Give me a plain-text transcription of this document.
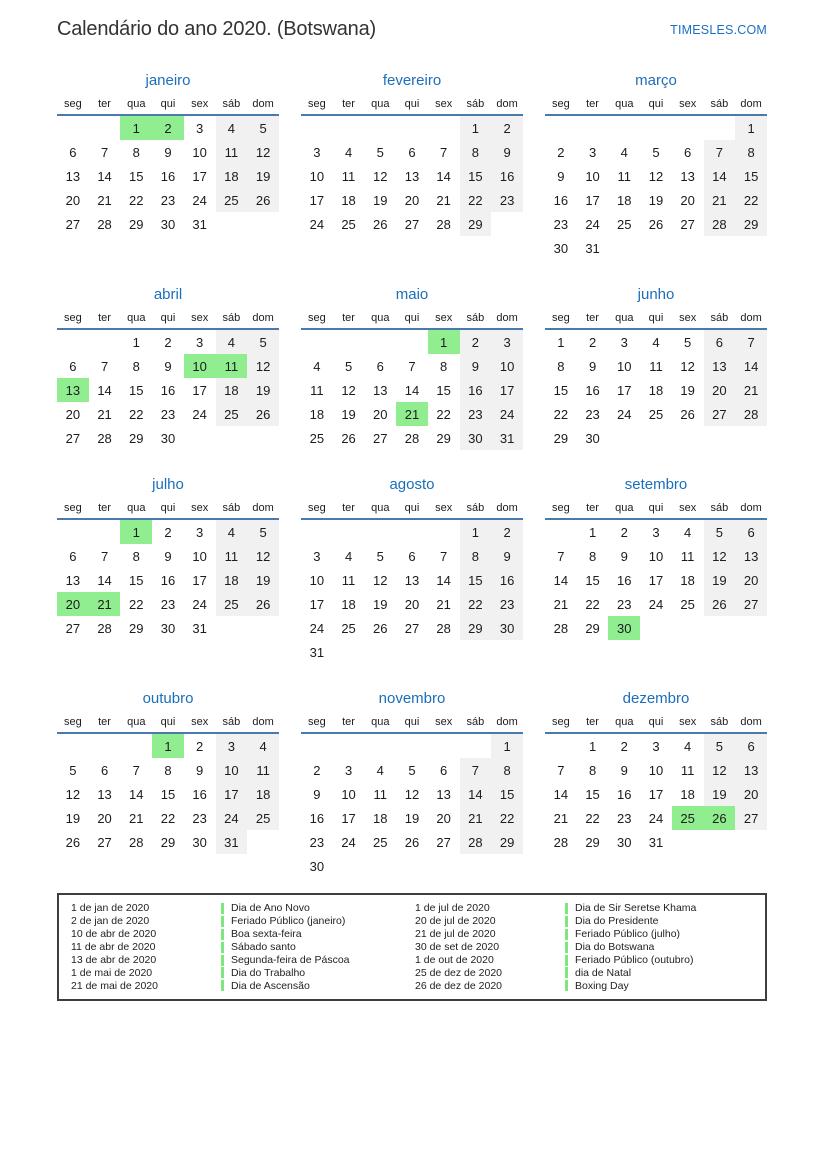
Calendário do ano 2020. (Botswana)	TIMESLES.COM
janeiro
seg	ter	qua	qui	sex	sáb	dom
		1	2	3	4	5
6	7	8	9	10	11	12
13	14	15	16	17	18	19
20	21	22	23	24	25	26
27	28	29	30	31		
fevereiro
seg	ter	qua	qui	sex	sáb	dom
					1	2
3	4	5	6	7	8	9
10	11	12	13	14	15	16
17	18	19	20	21	22	23
24	25	26	27	28	29	
março
seg	ter	qua	qui	sex	sáb	dom
						1
2	3	4	5	6	7	8
9	10	11	12	13	14	15
16	17	18	19	20	21	22
23	24	25	26	27	28	29
30	31					
abril
seg	ter	qua	qui	sex	sáb	dom
		1	2	3	4	5
6	7	8	9	10	11	12
13	14	15	16	17	18	19
20	21	22	23	24	25	26
27	28	29	30			
maio
seg	ter	qua	qui	sex	sáb	dom
				1	2	3
4	5	6	7	8	9	10
11	12	13	14	15	16	17
18	19	20	21	22	23	24
25	26	27	28	29	30	31
junho
seg	ter	qua	qui	sex	sáb	dom
1	2	3	4	5	6	7
8	9	10	11	12	13	14
15	16	17	18	19	20	21
22	23	24	25	26	27	28
29	30					
julho
seg	ter	qua	qui	sex	sáb	dom
		1	2	3	4	5
6	7	8	9	10	11	12
13	14	15	16	17	18	19
20	21	22	23	24	25	26
27	28	29	30	31		
agosto
seg	ter	qua	qui	sex	sáb	dom
					1	2
3	4	5	6	7	8	9
10	11	12	13	14	15	16
17	18	19	20	21	22	23
24	25	26	27	28	29	30
31						
setembro
seg	ter	qua	qui	sex	sáb	dom
	1	2	3	4	5	6
7	8	9	10	11	12	13
14	15	16	17	18	19	20
21	22	23	24	25	26	27
28	29	30				
outubro
seg	ter	qua	qui	sex	sáb	dom
			1	2	3	4
5	6	7	8	9	10	11
12	13	14	15	16	17	18
19	20	21	22	23	24	25
26	27	28	29	30	31	
novembro
seg	ter	qua	qui	sex	sáb	dom
						1
2	3	4	5	6	7	8
9	10	11	12	13	14	15
16	17	18	19	20	21	22
23	24	25	26	27	28	29
30						
dezembro
seg	ter	qua	qui	sex	sáb	dom
	1	2	3	4	5	6
7	8	9	10	11	12	13
14	15	16	17	18	19	20
21	22	23	24	25	26	27
28	29	30	31			
1 de jan de 2020	Dia de Ano Novo
2 de jan de 2020	Feriado Público (janeiro)
10 de abr de 2020	Boa sexta-feira
11 de abr de 2020	Sábado santo
13 de abr de 2020	Segunda-feira de Páscoa
1 de mai de 2020	Dia do Trabalho
21 de mai de 2020	Dia de Ascensão
1 de jul de 2020	Dia de Sir Seretse Khama
20 de jul de 2020	Dia do Presidente
21 de jul de 2020	Feriado Público (julho)
30 de set de 2020	Dia do Botswana
1 de out de 2020	Feriado Público (outubro)
25 de dez de 2020	dia de Natal
26 de dez de 2020	Boxing Day
